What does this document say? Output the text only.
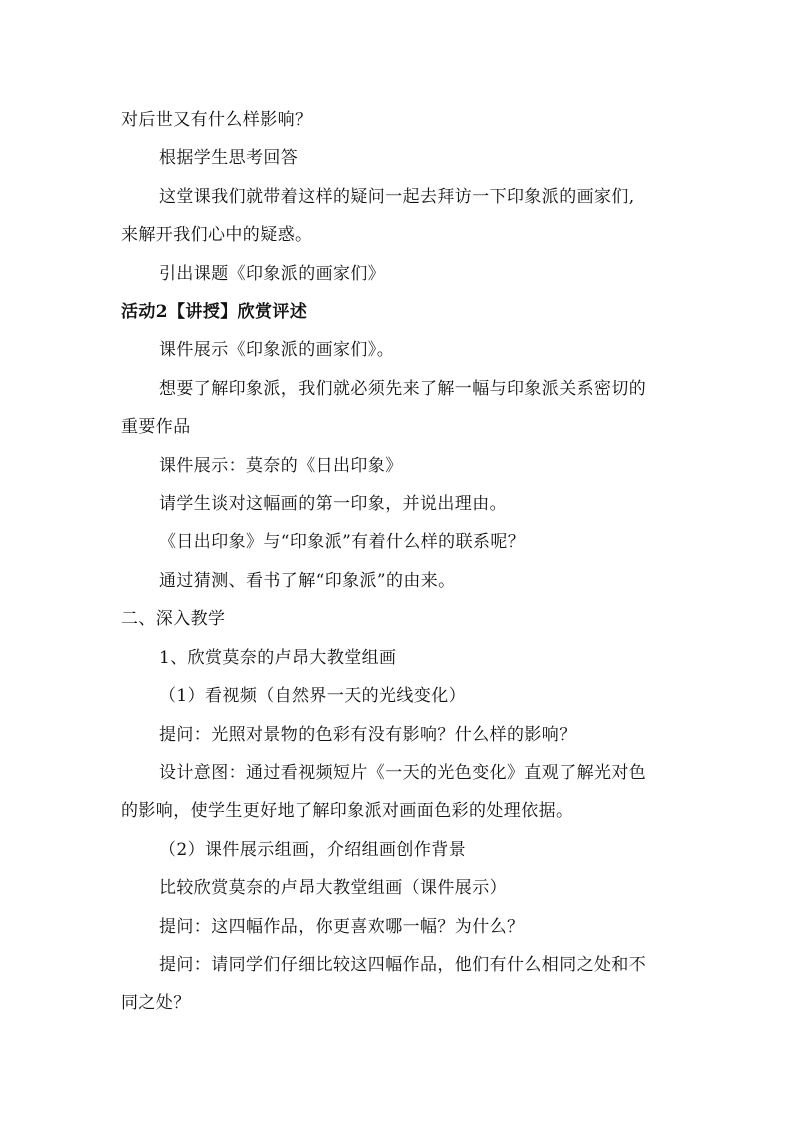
对后世又有什么样影响？
根据学生思考回答
这堂课我们就带着这样的疑问一起去拜访一下印象派的画家们,
来解开我们心中的疑惑。
引出课题《印象派的画家们》
活动2【讲授】欣赏评述
课件展示《印象派的画家们》。
想要了解印象派，我们就必须先来了解一幅与印象派关系密切的
重要作品
课件展示：莫奈的《日出印象》
请学生谈对这幅画的第一印象，并说出理由。
《日出印象》与“印象派”有着什么样的联系呢？
通过猜测、看书了解“印象派”的由来。
二、深入教学
1、欣赏莫奈的卢昂大教堂组画
（1）看视频（自然界一天的光线变化）
提问：光照对景物的色彩有没有影响？什么样的影响？
设计意图：通过看视频短片《一天的光色变化》直观了解光对色
的影响，使学生更好地了解印象派对画面色彩的处理依据。
（2）课件展示组画，介绍组画创作背景
比较欣赏莫奈的卢昂大教堂组画（课件展示）
提问：这四幅作品，你更喜欢哪一幅？为什么？
提问：请同学们仔细比较这四幅作品，他们有什么相同之处和不
同之处？
